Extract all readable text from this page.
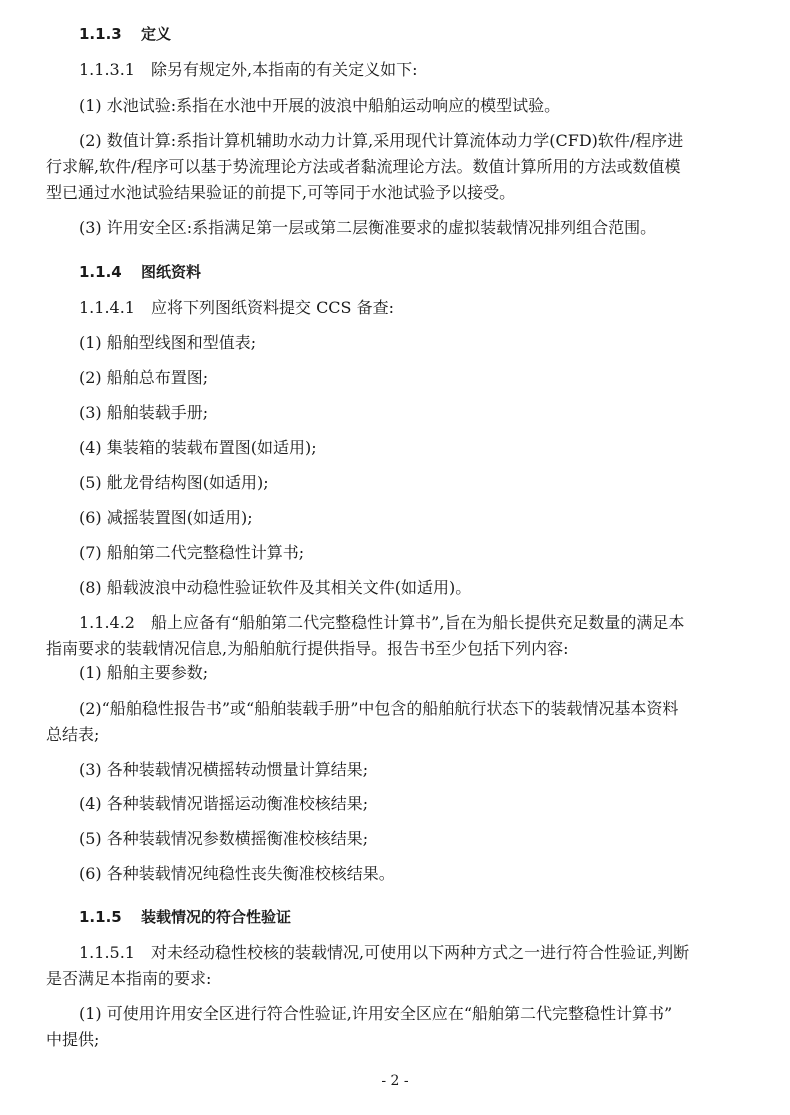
1.1.3 定义
1.1.3.1　除另有规定外,本指南的有关定义如下:
(1) 水池试验:系指在水池中开展的波浪中船舶运动响应的模型试验。
(2) 数值计算:系指计算机辅助水动力计算,采用现代计算流体动力学(CFD)软件/程序进
行求解,软件/程序可以基于势流理论方法或者黏流理论方法。数值计算所用的方法或数值模
型已通过水池试验结果验证的前提下,可等同于水池试验予以接受。
(3) 许用安全区:系指满足第一层或第二层衡准要求的虚拟装载情况排列组合范围。
1.1.4 图纸资料
1.1.4.1　应将下列图纸资料提交 CCS 备查:
(1) 船舶型线图和型值表;
(2) 船舶总布置图;
(3) 船舶装载手册;
(4) 集装箱的装载布置图(如适用);
(5) 舭龙骨结构图(如适用);
(6) 减摇装置图(如适用);
(7) 船舶第二代完整稳性计算书;
(8) 船载波浪中动稳性验证软件及其相关文件(如适用)。
1.1.4.2　船上应备有“船舶第二代完整稳性计算书”,旨在为船长提供充足数量的满足本
指南要求的装载情况信息,为船舶航行提供指导。报告书至少包括下列内容:
(1) 船舶主要参数;
(2)“船舶稳性报告书”或“船舶装载手册”中包含的船舶航行状态下的装载情况基本资料
总结表;
(3) 各种装载情况横摇转动惯量计算结果;
(4) 各种装载情况谐摇运动衡准校核结果;
(5) 各种装载情况参数横摇衡准校核结果;
(6) 各种装载情况纯稳性丧失衡准校核结果。
1.1.5 装载情况的符合性验证
1.1.5.1　对未经动稳性校核的装载情况,可使用以下两种方式之一进行符合性验证,判断
是否满足本指南的要求:
(1) 可使用许用安全区进行符合性验证,许用安全区应在“船舶第二代完整稳性计算书”
中提供;
- 2 -
